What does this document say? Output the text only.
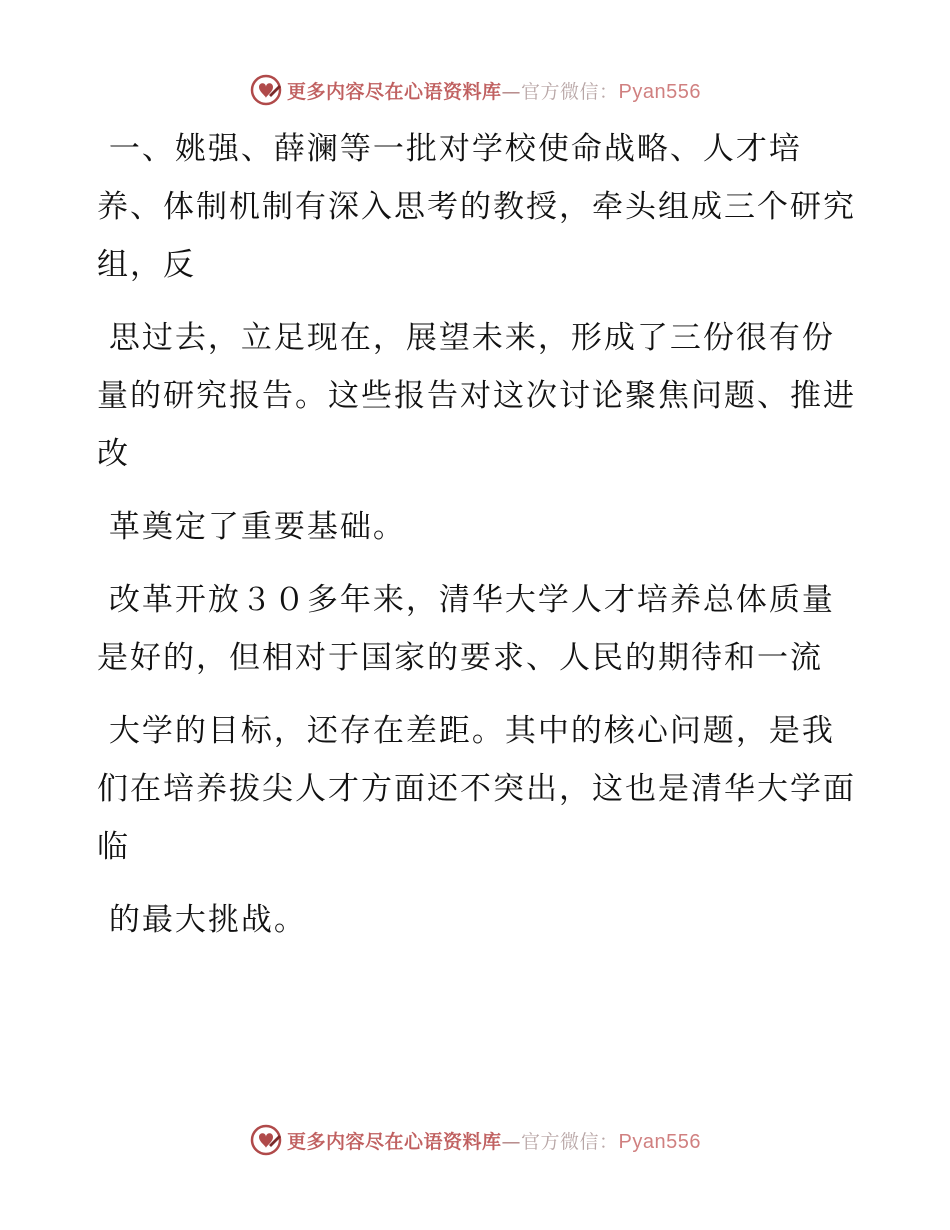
更多内容尽在心语资料库—官方微信：Pyan556

一、姚强、薛澜等一批对学校使命战略、人才培养、体制机制有深入思考的教授，牵头组成三个研究组，反

思过去，立足现在，展望未来，形成了三份很有份量的研究报告。这些报告对这次讨论聚焦问题、推进改

革奠定了重要基础。

改革开放３０多年来，清华大学人才培养总体质量是好的，但相对于国家的要求、人民的期待和一流

大学的目标，还存在差距。其中的核心问题，是我们在培养拔尖人才方面还不突出，这也是清华大学面临

的最大挑战。

更多内容尽在心语资料库—官方微信：Pyan556
